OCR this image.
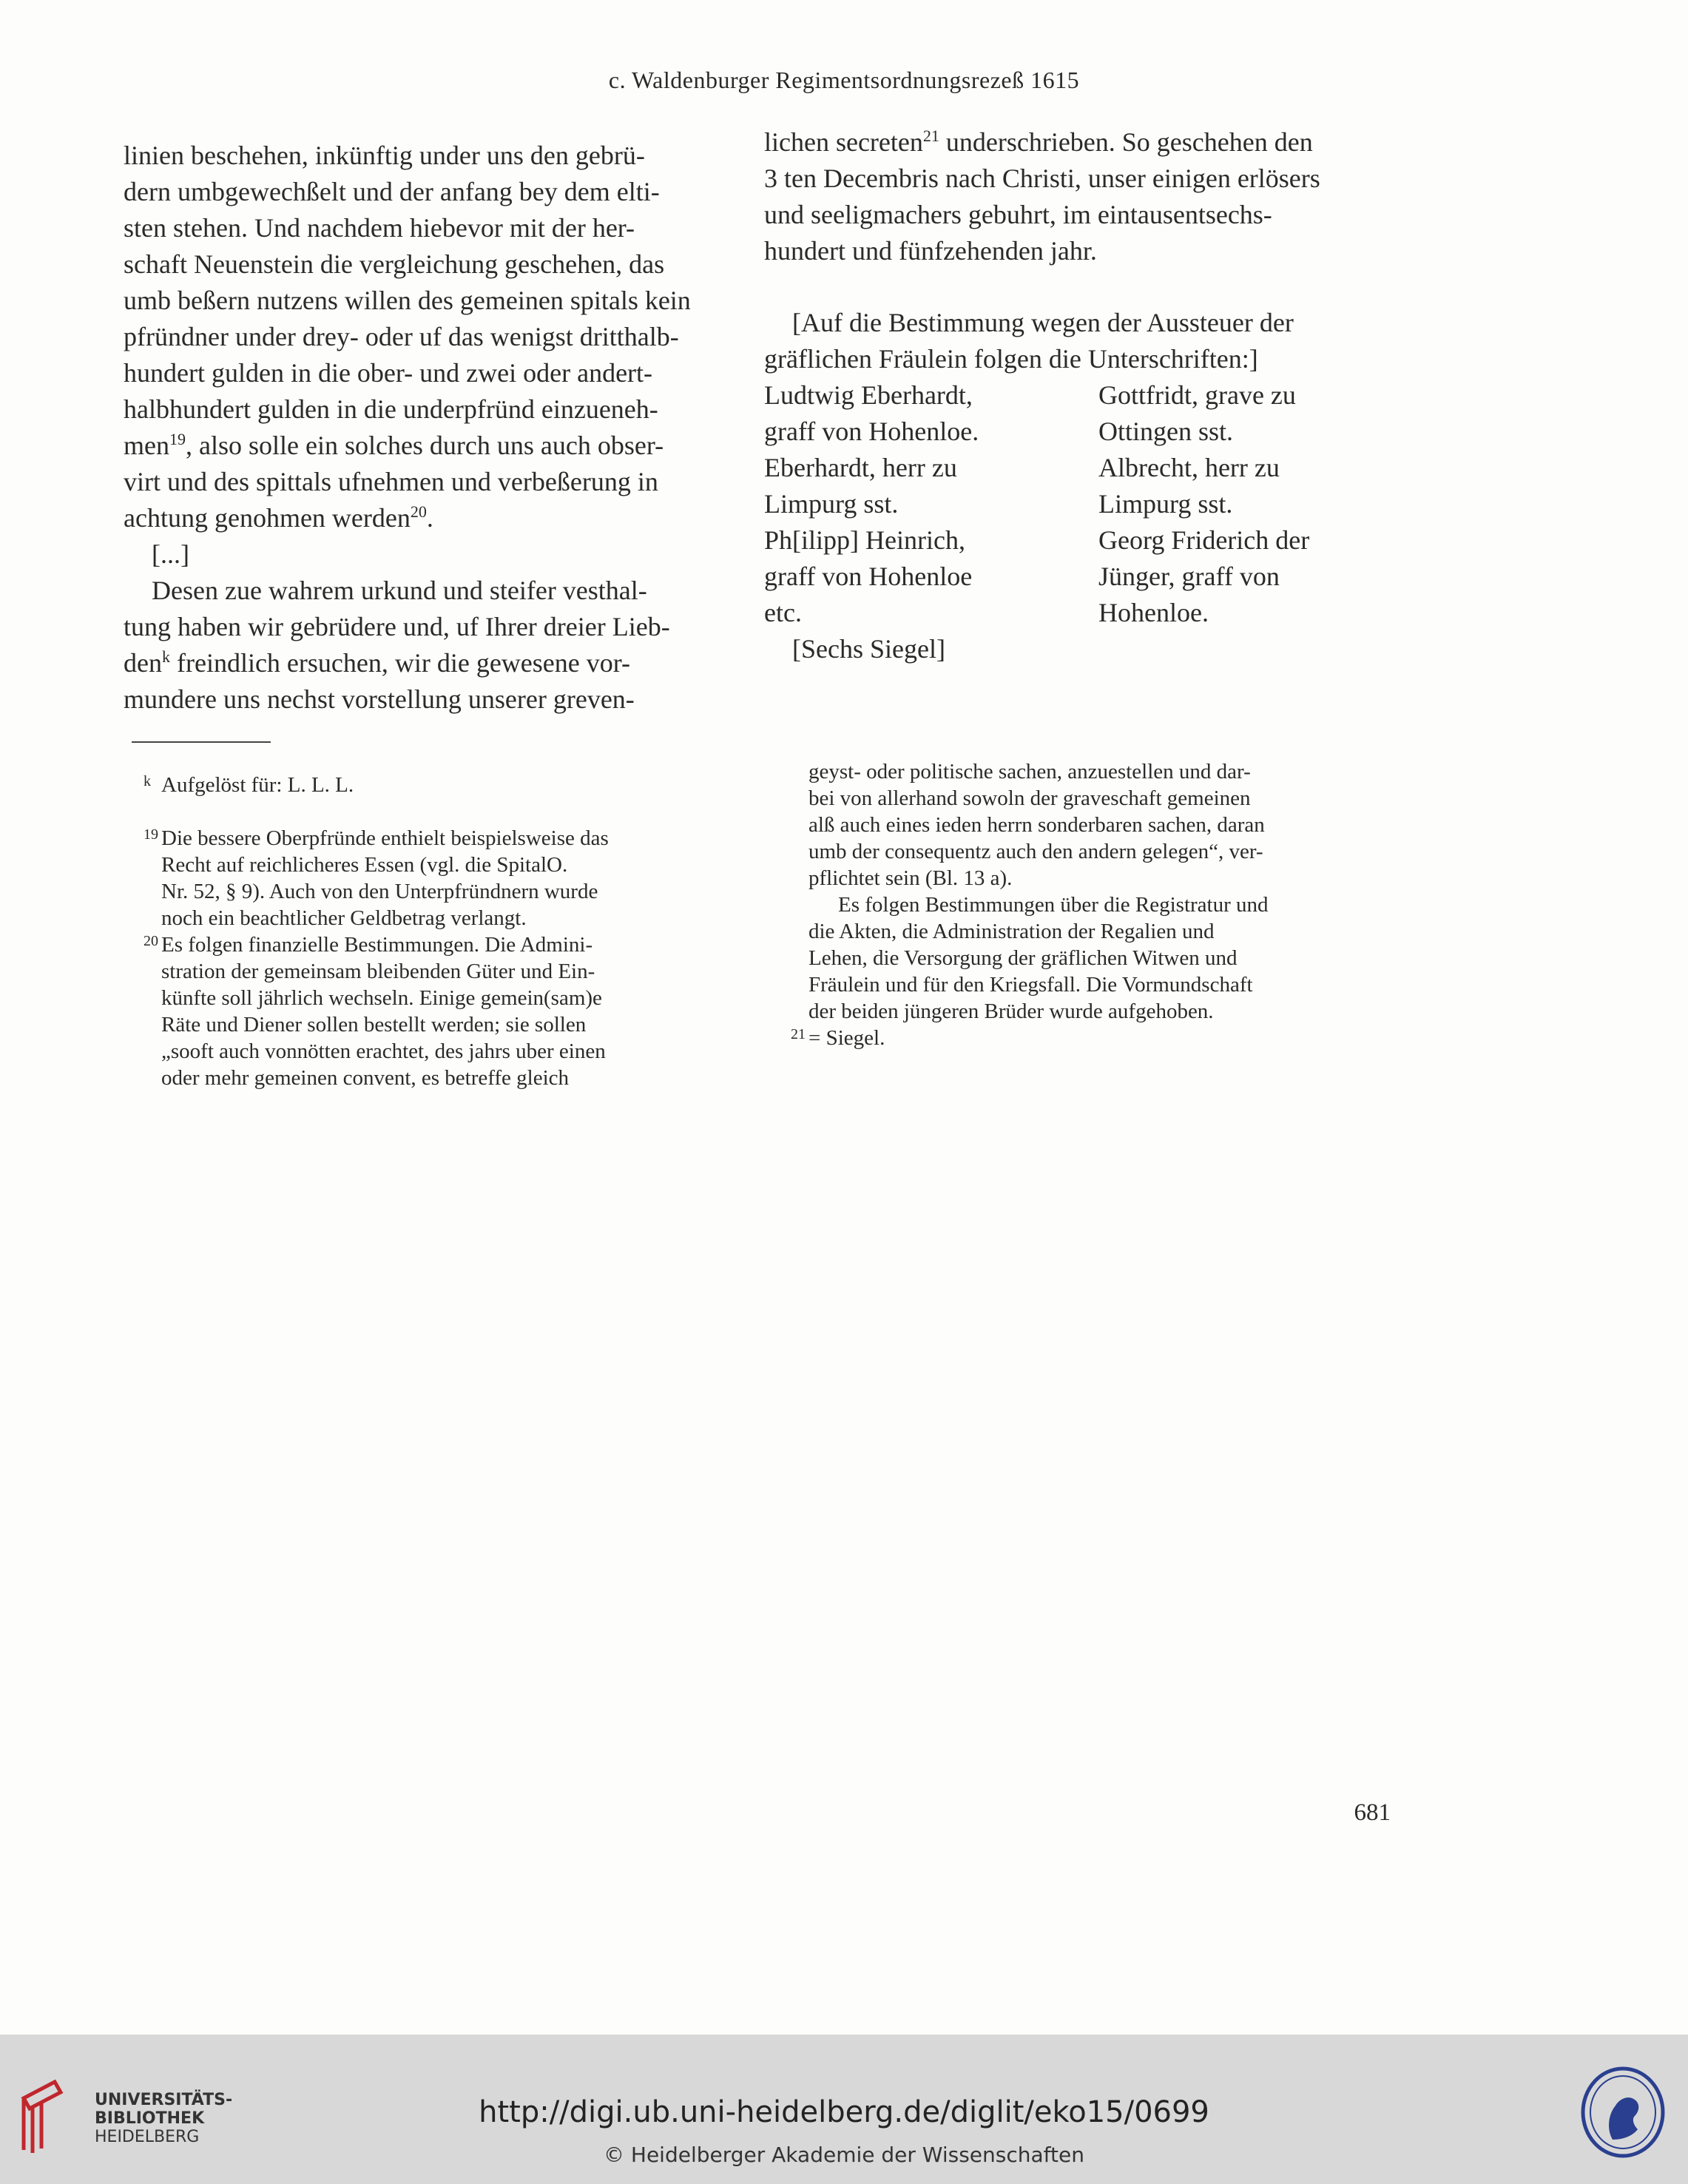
c. Waldenburger Regimentsordnungsrezeß 1615

linien beschehen, inkünftig under uns den gebrü-

dern umbgewechßelt und der anfang bey dem elti-

sten stehen. Und nachdem hiebevor mit der her-

schaft Neuenstein die vergleichung geschehen, das

umb beßern nutzens willen des gemeinen spitals kein

pfründner under drey- oder uf das wenigst dritthalb-

hundert gulden in die ober- und zwei oder andert-

halbhundert gulden in die underpfründ einzueneh-

men$^{19}$, also solle ein solches durch uns auch obser-

virt und des spittals ufnehmen und verbeßerung in

achtung genohmen werden$^{20}$.

[...]

Desen zue wahrem urkund und steifer vesthal-

tung haben wir gebrüdere und, uf Ihrer dreier Lieb-

den$^k$ freindlich ersuchen, wir die gewesene vor-

mundere uns nechst vorstellung unserer greven-

lichen secreten$^{21}$ underschrieben. So geschehen den

3 ten Decembris nach Christi, unser einigen erlösers

und seeligmachers gebuhrt, im eintausentsechs-

hundert und fünfzehenden jahr.

[Auf die Bestimmung wegen der Aussteuer der

gräflichen Fräulein folgen die Unterschriften:]

Ludtwig Eberhardt,	Gottfridt, grave zu
graff von Hohenloe.	Ottingen sst.
Eberhardt, herr zu	Albrecht, herr zu
Limpurg sst.	Limpurg sst.
Ph[ilipp] Heinrich,	Georg Friderich der
graff von Hohenloe	Jünger, graff von
etc.	Hohenloe.

[Sechs Siegel]

k Aufgelöst für: L. L. L.
19 Die bessere Oberpfründe enthielt beispielsweise das
Recht auf reichlicheres Essen (vgl. die SpitalO.
Nr. 52, § 9). Auch von den Unterpfründnern wurde
noch ein beachtlicher Geldbetrag verlangt.
20 Es folgen finanzielle Bestimmungen. Die Admini-
stration der gemeinsam bleibenden Güter und Ein-
künfte soll jährlich wechseln. Einige gemein(sam)e
Räte und Diener sollen bestellt werden; sie sollen
„sooft auch vonnötten erachtet, des jahrs uber einen
oder mehr gemeinen convent, es betreffe gleich
geyst- oder politische sachen, anzuestellen und dar-
bei von allerhand sowoln der graveschaft gemeinen
alß auch eines ieden herrn sonderbaren sachen, daran
umb der consequentz auch den andern gelegen“, ver-
pflichtet sein (Bl. 13 a).
Es folgen Bestimmungen über die Registratur und
die Akten, die Administration der Regalien und
Lehen, die Versorgung der gräflichen Witwen und
Fräulein und für den Kriegsfall. Die Vormundschaft
der beiden jüngeren Brüder wurde aufgehoben.
21 = Siegel.
681
UNIVERSITÄTS-
BIBLIOTHEK
HEIDELBERG
http://digi.ub.uni-heidelberg.de/diglit/eko15/0699
© Heidelberger Akademie der Wissenschaften
